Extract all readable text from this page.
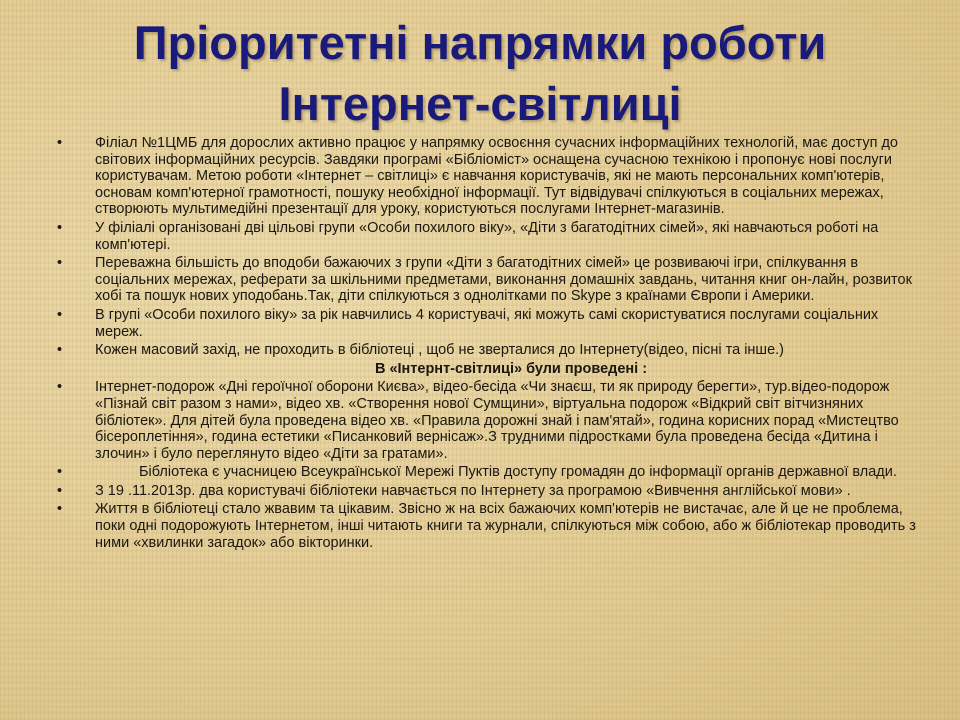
Пріоритетні напрямки роботи
Інтернет-світлиці
• Філіал №1ЦМБ для дорослих активно працює у напрямку освоєння сучасних інформаційних технологій, має доступ до світових інформаційних ресурсів. Завдяки програмі «Бібліоміст» оснащена сучасною технікою і пропонує нові послуги користувачам. Метою роботи «Інтернет – світлиці» є навчання користувачів, які не мають персональних комп'ютерів, основам комп'ютерної грамотності, пошуку необхідної інформації. Тут відвідувачі спілкуються в соціальних мережах, створюють мультимедійні презентації для уроку, користуються послугами Інтернет-магазинів.
• У філіалі організовані дві цільові групи «Особи похилого віку», «Діти з багатодітних сімей», які навчаються роботі на комп'ютері.
• Переважна більшість до вподоби бажаючих з групи «Діти з багатодітних сімей» це розвиваючі ігри, спілкування в соціальних мережах, реферати за шкільними предметами, виконання домашніх завдань, читання книг он-лайн, розвиток хобі та пошук нових уподобань.Так, діти спілкуються з однолітками по Skype з країнами Європи і Америки.
• В групі «Особи похилого віку» за рік навчились 4 користувачі, які можуть самі скористуватися послугами соціальних мереж.
• Кожен масовий захід, не проходить в бібліотеці , щоб не зверталися до Інтернету(відео, пісні та інше.)
В «Інтернт-світлиці» були проведені :
• Інтернет-подорож «Дні героїчної оборони Києва», відео-бесіда «Чи знаєш, ти як природу берегти», тур.відео-подорож «Пізнай світ разом з нами», відео хв. «Створення нової Сумщини», віртуальна подорож «Відкрий світ вітчизняних бібліотек». Для дітей була проведена відео хв. «Правила дорожні знай і пам'ятай», година корисних порад «Мистецтво бісероплетіння», година естетики «Писанковий вернісаж».З трудними підростками була проведена бесіда «Дитина і злочин» і було переглянуто відео «Діти за гратами».
•	Бібліотека є учасницею Всеукраїнської Мережі Пуктів доступу громадян до інформації органів державної влади.
• З 19 .11.2013р. два користувачі бібліотеки навчається по Інтернету за програмою «Вивчення англійської мови» .
• Життя в бібліотеці стало жвавим та цікавим. Звісно ж на всіх бажаючих комп'ютерів не вистачає, але й це не проблема, поки одні подорожують Інтернетом, інші читають книги та журнали, спілкуються між собою, або ж бібліотекар проводить з ними «хвилинки загадок» або вікторинки.
